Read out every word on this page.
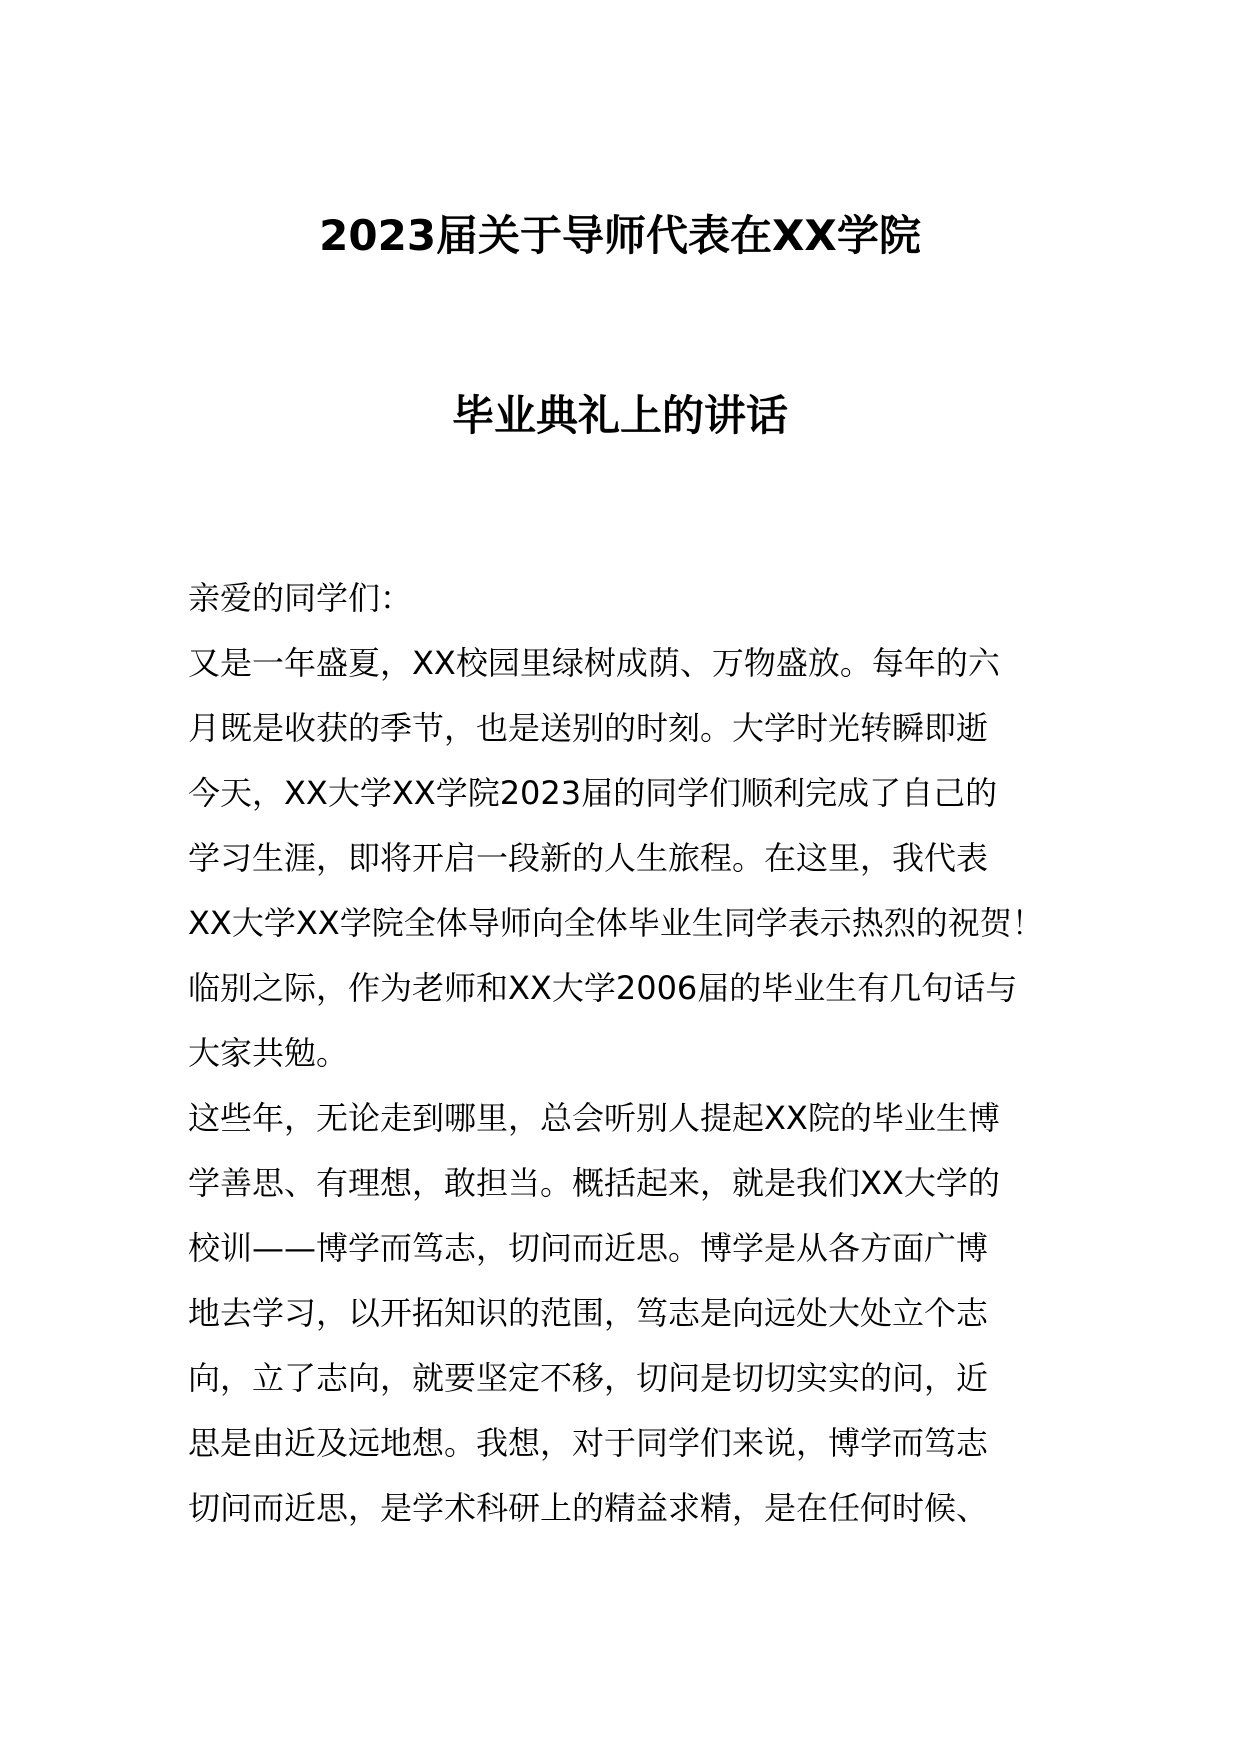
2023届关于导师代表在XX学院
毕业典礼上的讲话
亲爱的同学们：
又是一年盛夏，XX校园里绿树成荫、万物盛放。每年的六
月既是收获的季节，也是送别的时刻。大学时光转瞬即逝
今天，XX大学XX学院2023届的同学们顺利完成了自己的
学习生涯，即将开启一段新的人生旅程。在这里，我代表
XX大学XX学院全体导师向全体毕业生同学表示热烈的祝贺！
临别之际，作为老师和XX大学2006届的毕业生有几句话与
大家共勉。
这些年，无论走到哪里，总会听别人提起XX院的毕业生博
学善思、有理想，敢担当。概括起来，就是我们XX大学的
校训——博学而笃志，切问而近思。博学是从各方面广博
地去学习，以开拓知识的范围，笃志是向远处大处立个志
向，立了志向，就要坚定不移，切问是切切实实的问，近
思是由近及远地想。我想，对于同学们来说，博学而笃志
切问而近思，是学术科研上的精益求精，是在任何时候、
